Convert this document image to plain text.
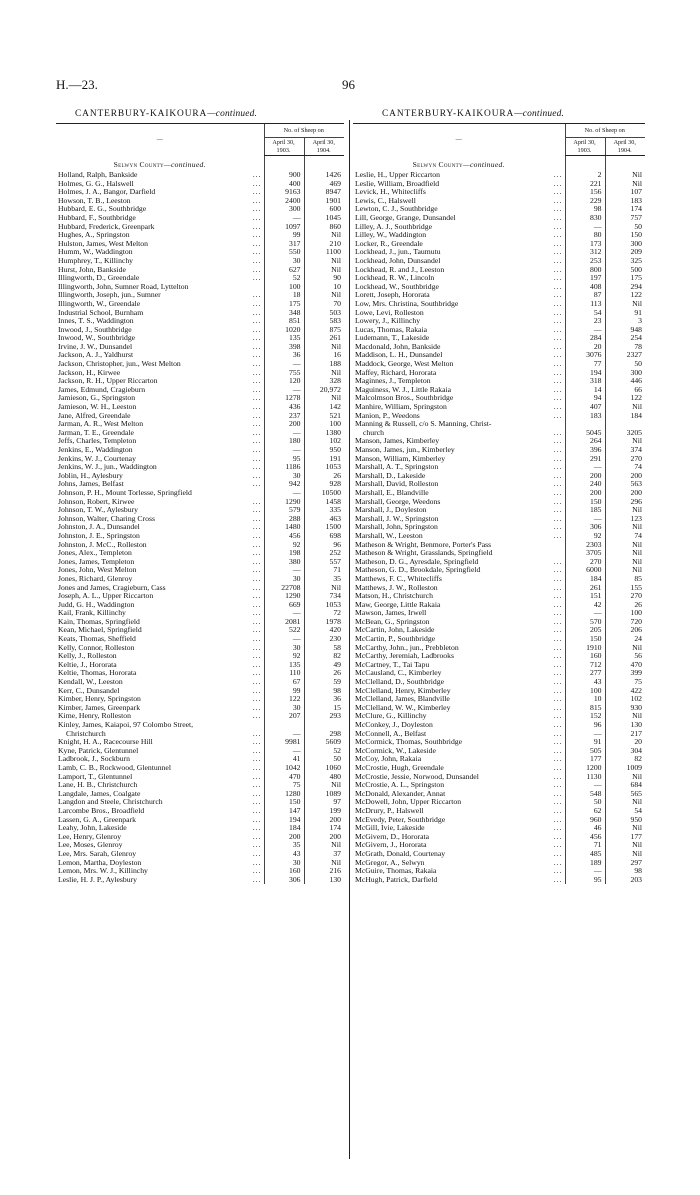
H.—23.	96
CANTERBURY-KAIKOURA—continued.	CANTERBURY-KAIKOURA—continued.
—	No. of Sheep on	
	April 30,
1903.	April 30,
1904.
Selwyn County—continued.		
Holland, Ralph, Bankside ...	900	1426
Holmes, G. G., Halswell ...	400	469
Holmes, J. A., Bangor, Darfield ...	9163	8947
Howson, T. B., Leeston ...	2400	1901
Hubbard, E. G., Southbridge ...	300	600
Hubbard, F., Southbridge ...	—	1045
Hubbard, Frederick, Greenpark ...	1097	860
Hughes, A., Springston ...	99	Nil
Hulston, James, West Melton ...	317	210
Humm, W., Waddington ...	550	1100
Humphrey, T., Killinchy ...	30	Nil
Hurst, John, Bankside ...	627	Nil
Illingworth, D., Greendale ...	52	90
Illingworth, John, Sumner Road, Lyttelton	100	10
Illingworth, Joseph, jun., Sumner ...	18	Nil
Illingworth, W., Greendale ...	175	70
Industrial School, Burnham ...	348	503
Innes, T. S., Waddington ...	851	583
Inwood, J., Southbridge ...	1020	875
Inwood, W., Southbridge ...	135	261
Irvine, J. W., Dunsandel ...	398	Nil
Jackson, A. J., Yaldhurst ...	36	16
Jackson, Christopher, jun., West Melton ...	—	188
Jackson, H., Kirwee ...	755	Nil
Jackson, R. H., Upper Riccarton ...	120	328
James, Edmund, Cragieburn ...	—	20,972
Jamieson, G., Springston ...	1278	Nil
Jamieson, W. H., Leeston ...	436	142
Jane, Alfred, Greendale ...	237	521
Jarman, A. R., West Melton ...	200	100
Jarman, T. E., Greendale ...	—	1380
Jeffs, Charles, Templeton ...	180	102
Jenkins, E., Waddington ...	—	950
Jenkins, W. J., Courtenay ...	95	191
Jenkins, W. J., jun., Waddington ...	1186	1053
Joblin, H., Aylesbury ...	30	26
Johns, James, Belfast ...	942	928
Johnson, P. H., Mount Torlesse, Springfield	—	10500
Johnson, Robert, Kirwee ...	1290	1458
Johnson, T. W., Aylesbury ...	579	335
Johnson, Walter, Charing Cross ...	288	463
Johnston, J. A., Dunsandel ...	1480	1500
Johnston, J. E., Springston ...	456	698
Johnston, J. McC., Rolleston ...	92	96
Jones, Alex., Templeton ...	198	252
Jones, James, Templeton ...	380	557
Jones, John, West Melton ...	—	71
Jones, Richard, Glenroy ...	30	35
Jones and James, Cragieburn, Cass ...	22708	Nil
Joseph, A. L., Upper Riccarton ...	1290	734
Judd, G. H., Waddington ...	669	1053
Kail, Frank, Killinchy ...	—	72
Kain, Thomas, Springfield ...	2081	1978
Kean, Michael, Springfield ...	522	420
Keats, Thomas, Sheffield ...	—	230
Kelly, Connor, Rolleston ...	30	58
Kelly, J., Rolleston ...	92	82
Keltie, J., Hororata ...	135	49
Keltie, Thomas, Hororata ...	110	26
Kendall, W., Leeston ...	67	59
Kerr, C., Dunsandel ...	99	98
Kimber, Henry, Springston ...	122	36
Kimber, James, Greenpark ...	30	15
Kime, Henry, Rolleston ...	207	293
Kinley, James, Kaiapoi, 97 Colombo Street,
Christchurch ...	—	298
Knight, H. A., Racecourse Hill ...	9981	5609
Kyne, Patrick, Glentunnel ...	—	52
Ladbrook, J., Sockburn ...	41	50
Lamb, C. B., Rockwood, Glentunnel ...	1042	1060
Lamport, T., Glentunnel ...	470	480
Lane, H. B., Christchurch ...	75	Nil
Langdale, James, Coalgate ...	1280	1089
Langdon and Steele, Christchurch ...	150	97
Larcombe Bros., Broadfield ...	147	199
Lassen, G. A., Greenpark ...	194	200
Leahy, John, Lakeside ...	184	174
Lee, Henry, Glenroy ...	200	200
Lee, Moses, Glenroy ...	35	Nil
Lee, Mrs. Sarah, Glenroy ...	43	37
Lemon, Martha, Doyleston ...	30	Nil
Lemon, Mrs. W. J., Killinchy ...	160	216
Leslie, H. J. P., Aylesbury ...	306	130
—	No. of Sheep on	
	April 30,
1903.	April 30,
1904.
Selwyn County—continued.		
Leslie, H., Upper Riccarton ...	2	Nil
Leslie, William, Broadfield ...	221	Nil
Levick, H., Whitecliffs ...	156	107
Lewis, C., Halswell ...	229	183
Lewton, C. J., Southbridge ...	98	174
Lill, George, Grange, Dunsandel ...	830	757
Lilley, A. J., Southbridge ...	—	50
Lilley, W., Waddington ...	80	150
Locker, R., Greendale ...	173	300
Lockhead, J., jun., Taumutu ...	312	209
Lockhead, John, Dunsandel ...	253	325
Lockhead, R. and J., Leeston ...	800	500
Lockhead, R. W., Lincoln ...	197	175
Lockhead, W., Southbridge ...	408	294
Lorett, Joseph, Hororata ...	87	122
Low, Mrs. Christina, Southbridge ...	113	Nil
Lowe, Levi, Rolleston ...	54	91
Lowery, J., Killinchy ...	23	3
Lucas, Thomas, Rakaia ...	—	948
Ludemann, T., Lakeside ...	284	254
Macdonald, John, Bankside ...	20	78
Maddison, L. H., Dunsandel ...	3076	2327
Maddock, George, West Melton ...	77	50
Maffey, Richard, Hororata ...	194	300
Maginnes, J., Templeton ...	318	446
Maguiness, W. J., Little Rakaia ...	14	66
Malcolmson Bros., Southbridge ...	94	122
Manhire, William, Springston ...	407	Nil
Manion, P., Weedons ...	183	184
Manning & Russell, c/o S. Manning, Christ-
church ...	5045	3205
Manson, James, Kimberley ...	264	Nil
Manson, James, jun., Kimberley ...	396	374
Manson, William, Kimberley ...	291	270
Marshall, A. T., Springston ...	—	74
Marshall, D., Lakeside ...	200	200
Marshall, David, Rolleston ...	240	563
Marshall, E., Blandville ...	200	200
Marshall, George, Weedons ...	150	296
Marshall, J., Doyleston ...	185	Nil
Marshall, J. W., Springston ...	—	123
Marshall, John, Springston ...	306	Nil
Marshall, W., Leeston ...	92	74
Matheson & Wright, Benmore, Porter's Pass	2303	Nil
Matheson & Wright, Grasslands, Springfield	3705	Nil
Matheson, D. G., Ayresdale, Springfield ...	270	Nil
Matheson, G. D., Brookdale, Springfield ...	6000	Nil
Matthews, F. C., Whitecliffs ...	184	85
Matthews, J. W., Rolleston ...	261	155
Matson, H., Christchurch ...	151	270
Maw, George, Little Rakaia ...	42	26
Mawson, James, Irwell ...	—	100
McBean, G., Springston ...	570	720
McCartin, John, Lakeside ...	205	206
McCartin, P., Southbridge ...	150	24
McCarthy, John., jun., Prebbleton ...	1910	Nil
McCarthy, Jeremiah, Ladbrooks ...	160	56
McCartney, T., Tai Tapu ...	712	470
McCausland, C., Kimberley ...	277	399
McClelland, D., Southbridge ...	43	75
McClelland, Henry, Kimberley ...	100	422
McClelland, James, Blandville ...	10	102
McClelland, W. W., Kimberley ...	815	930
McClure, G., Killinchy ...	152	Nil
McConkey, J., Doyleston ...	96	130
McConnell, A., Belfast ...	—	217
McCormick, Thomas, Southbridge ...	91	20
McCormick, W., Lakeside ...	505	304
McCoy, John, Rakaia ...	177	82
McCrostie, Hugh, Greendale ...	1200	1009
McCrostie, Jessie, Norwood, Dunsandel ...	1130	Nil
McCrostie, A. L., Springston ...	—	684
McDonald, Alexander, Annat ...	548	565
McDowell, John, Upper Riccarton ...	50	Nil
McDrury, P., Halswell ...	62	54
McEvedy, Peter, Southbridge ...	960	950
McGill, Ivie, Lakeside ...	46	Nil
McGivern, D., Hororata ...	456	177
McGivern, J., Hororata ...	71	Nil
McGrath, Donald, Courtenay ...	485	Nil
McGregor, A., Selwyn ...	189	297
McGuire, Thomas, Rakaia ...	—	98
McHugh, Patrick, Darfield ...	95	203
